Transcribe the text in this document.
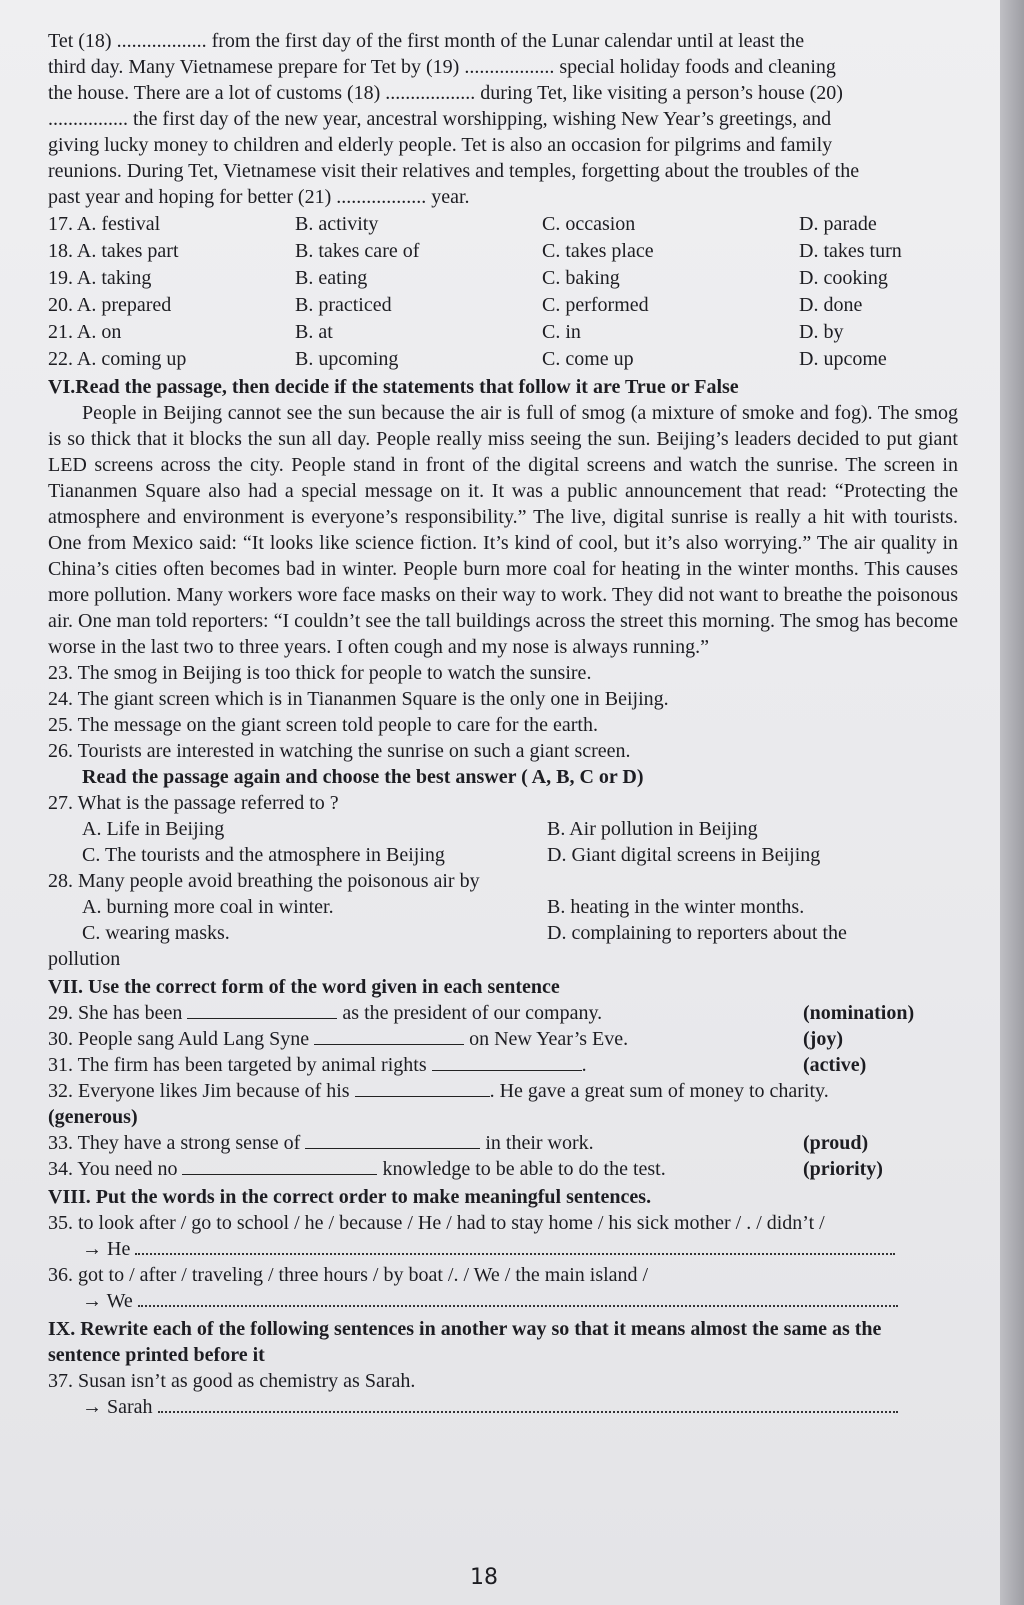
Tet (18) .................. from the first day of the first month of the Lunar calendar until at least the
third day. Many Vietnamese prepare for Tet by (19) .................. special holiday foods and cleaning
the house. There are a lot of customs (18) .................. during Tet, like visiting a person’s house (20)
................ the first day of the new year, ancestral worshipping, wishing New Year’s greetings, and
giving lucky money to children and elderly people. Tet is also an occasion for pilgrims and family
reunions. During Tet, Vietnamese visit their relatives and temples, forgetting about the troubles of the
past year and hoping for better (21) .................. year.
17. A. festival	B. activity	C. occasion	D. parade
18. A. takes part	B. takes care of	C. takes place	D. takes turn
19. A. taking	B. eating	C. baking	D. cooking
20. A. prepared	B. practiced	C. performed	D. done
21. A. on	B. at	C. in	D. by
22. A. coming up	B. upcoming	C. come up	D. upcome
VI.Read the passage, then decide if the statements that follow it are True or False

People in Beijing cannot see the sun because the air is full of smog (a mixture of smoke and fog). The smog is so thick that it blocks the sun all day. People really miss seeing the sun. Beijing’s leaders decided to put giant LED screens across the city. People stand in front of the digital screens and watch the sunrise. The screen in Tiananmen Square also had a special message on it. It was a public announcement that read: “Protecting the atmosphere and environment is everyone’s responsibility.” The live, digital sunrise is really a hit with tourists. One from Mexico said: “It looks like science fiction. It’s kind of cool, but it’s also worrying.” The air quality in China’s cities often becomes bad in winter. People burn more coal for heating in the winter months. This causes more pollution. Many workers wore face masks on their way to work. They did not want to breathe the poisonous air. One man told reporters: “I couldn’t see the tall buildings across the street this morning. The smog has become worse in the last two to three years. I often cough and my nose is always running.”

23. The smog in Beijing is too thick for people to watch the sunsire.
24. The giant screen which is in Tiananmen Square is the only one in Beijing.
25. The message on the giant screen told people to care for the earth.
26. Tourists are interested in watching the sunrise on such a giant screen.
Read the passage again and choose the best answer ( A, B, C or D)
27. What is the passage referred to ?
A. Life in Beijing	B. Air pollution in Beijing
C. The tourists and the atmosphere in Beijing	D. Giant digital screens in Beijing
28. Many people avoid breathing the poisonous air by
A. burning more coal in winter.	B. heating in the winter months.
C. wearing masks.	D. complaining to reporters about the
pollution
VII. Use the correct form of the word given in each sentence
29. She has been	as the president of our company.	(nomination)
30. People sang Auld Lang Syne	on New Year’s Eve.	(joy)
31. The firm has been targeted by animal rights	.	(active)
32. Everyone likes Jim because of his	. He gave a great sum of money to charity.
(generous)
33. They have a strong sense of	in their work.	(proud)
34. You need no	knowledge to be able to do the test.	(priority)
VIII. Put the words in the correct order to make meaningful sentences.
35. to look after / go to school / he / because / He / had to stay home / his sick mother / . / didn’t /
→ He
36. got to / after / traveling / three hours / by boat /. / We / the main island /
→ We
IX. Rewrite each of the following sentences in another way so that it means almost the same as the sentence printed before it
37. Susan isn’t as good as chemistry as Sarah.
→ Sarah
18
